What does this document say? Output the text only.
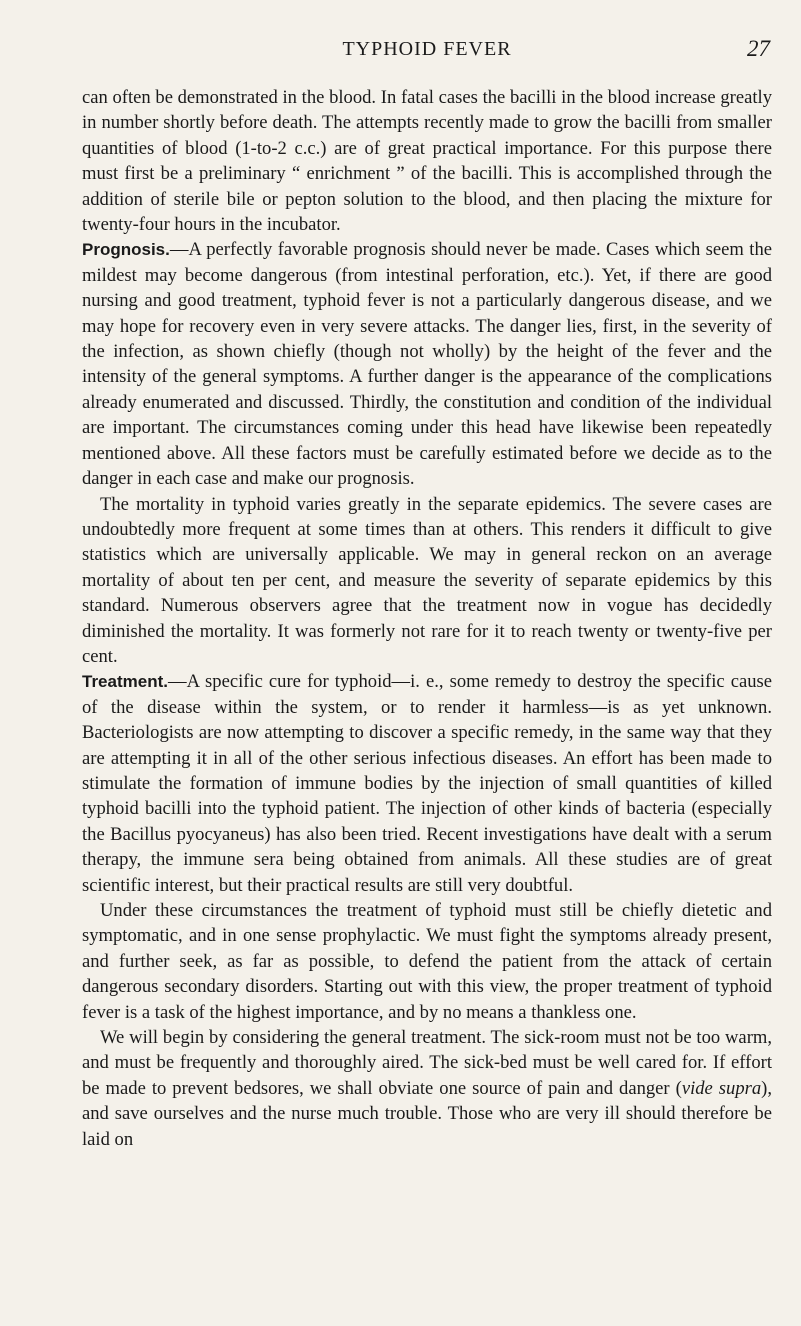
TYPHOID FEVER	27

can often be demonstrated in the blood. In fatal cases the bacilli in the blood increase greatly in number shortly before death. The attempts recently made to grow the bacilli from smaller quantities of blood (1-to-2 c.c.) are of great practical importance. For this purpose there must first be a preliminary “ enrichment ” of the bacilli. This is accomplished through the addition of sterile bile or pepton solution to the blood, and then placing the mixture for twenty-four hours in the incubator.

Prognosis.—A perfectly favorable prognosis should never be made. Cases which seem the mildest may become dangerous (from intestinal perforation, etc.). Yet, if there are good nursing and good treatment, typhoid fever is not a particularly dangerous disease, and we may hope for recovery even in very severe attacks. The danger lies, first, in the severity of the infection, as shown chiefly (though not wholly) by the height of the fever and the intensity of the general symptoms. A further danger is the appearance of the complications already enumerated and discussed. Thirdly, the constitution and condition of the individual are important. The circumstances coming under this head have likewise been repeatedly mentioned above. All these factors must be carefully estimated before we decide as to the danger in each case and make our prognosis.

The mortality in typhoid varies greatly in the separate epidemics. The severe cases are undoubtedly more frequent at some times than at others. This renders it difficult to give statistics which are universally applicable. We may in general reckon on an average mortality of about ten per cent, and measure the severity of separate epidemics by this standard. Numerous observers agree that the treatment now in vogue has decidedly diminished the mortality. It was formerly not rare for it to reach twenty or twenty-five per cent.

Treatment.—A specific cure for typhoid—i. e., some remedy to destroy the specific cause of the disease within the system, or to render it harmless—is as yet unknown. Bacteriologists are now attempting to discover a specific remedy, in the same way that they are attempting it in all of the other serious infectious diseases. An effort has been made to stimulate the formation of immune bodies by the injection of small quantities of killed typhoid bacilli into the typhoid patient. The injection of other kinds of bacteria (especially the Bacillus pyocyaneus) has also been tried. Recent investigations have dealt with a serum therapy, the immune sera being obtained from animals. All these studies are of great scientific interest, but their practical results are still very doubtful.

Under these circumstances the treatment of typhoid must still be chiefly dietetic and symptomatic, and in one sense prophylactic. We must fight the symptoms already present, and further seek, as far as possible, to defend the patient from the attack of certain dangerous secondary disorders. Starting out with this view, the proper treatment of typhoid fever is a task of the highest importance, and by no means a thankless one.

We will begin by considering the general treatment. The sick-room must not be too warm, and must be frequently and thoroughly aired. The sick-bed must be well cared for. If effort be made to prevent bedsores, we shall obviate one source of pain and danger (vide supra), and save ourselves and the nurse much trouble. Those who are very ill should therefore be laid on
